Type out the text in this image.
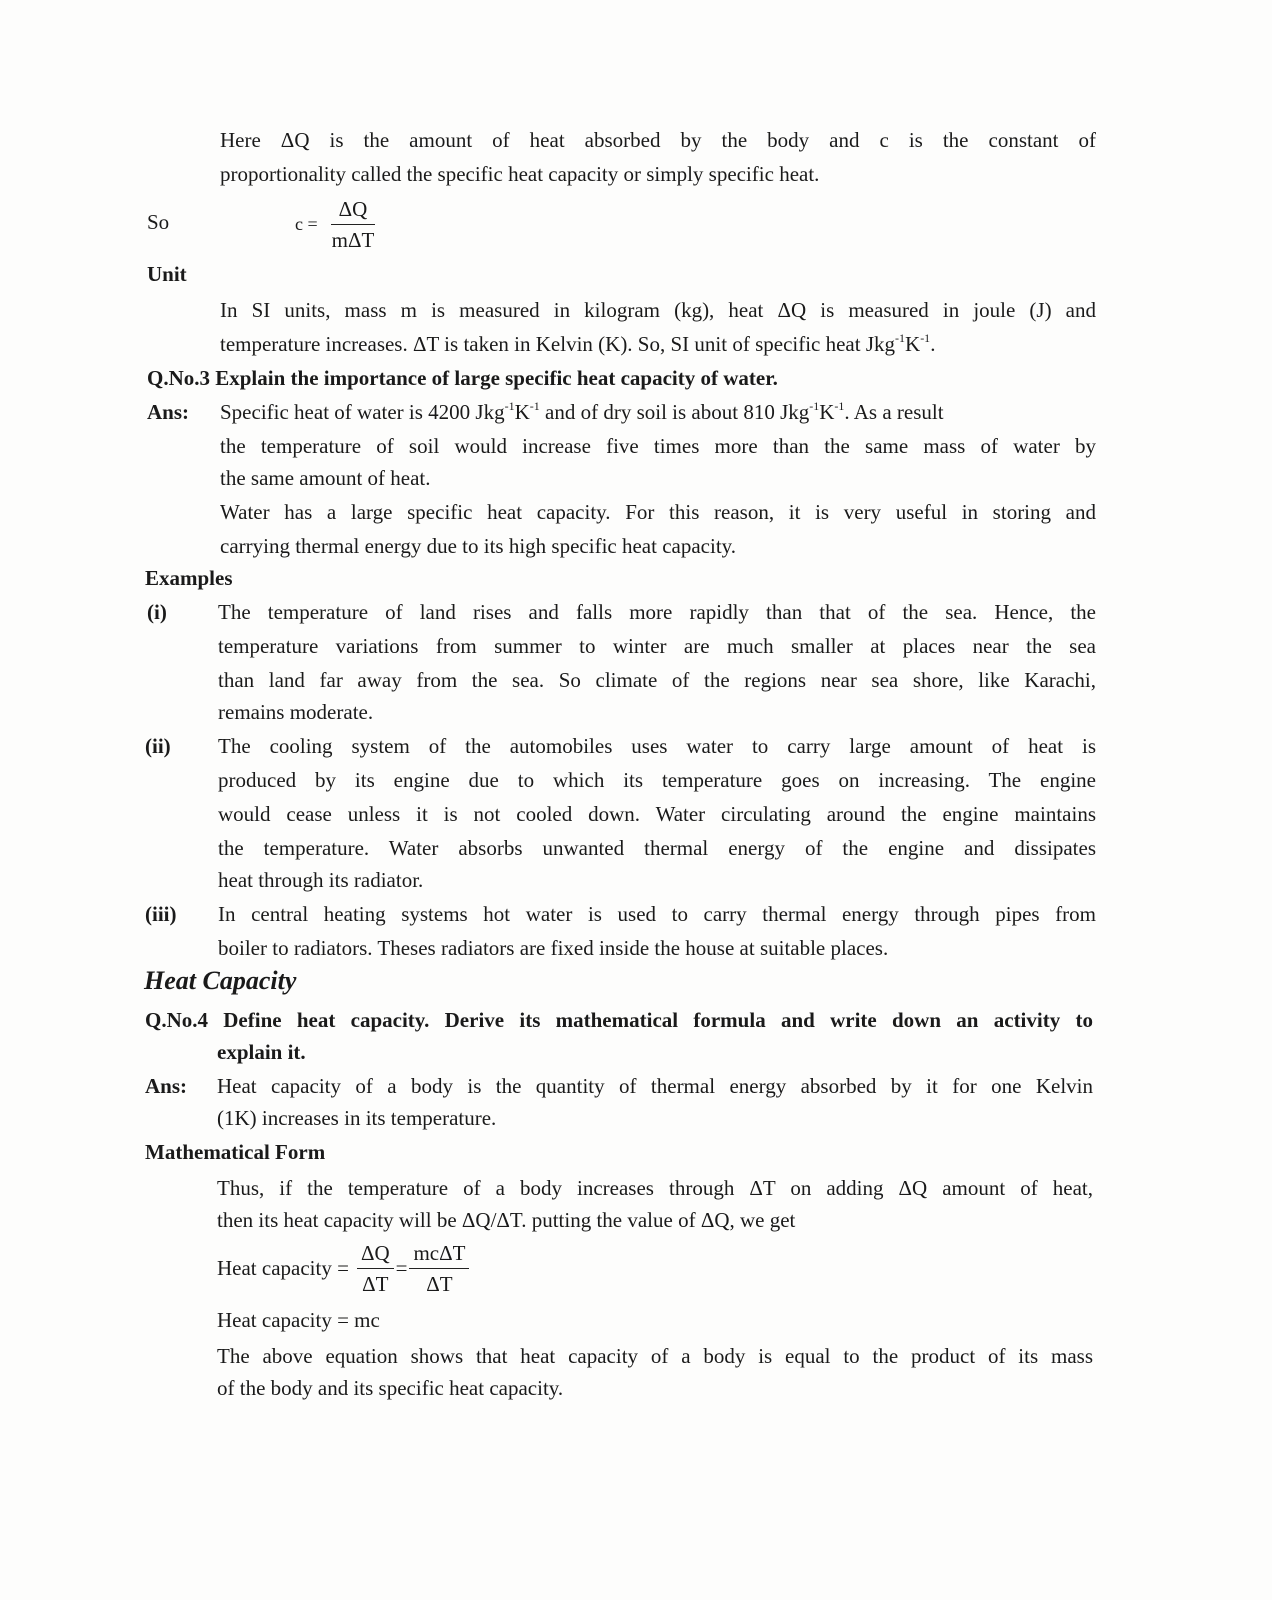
Here ΔQ is the amount of heat absorbed by the body and c is the constant of
proportionality called the specific heat capacity or simply specific heat.
So	$c = \frac{\Delta Q}{\text{mΔT}}$
Unit
In SI units, mass m is measured in kilogram (kg), heat ΔQ is measured in joule (J) and
temperature increases. ΔT is taken in Kelvin (K). So, SI unit of specific heat $Jkg^{-1}K^{-1}$.
Q.No.3 Explain the importance of large specific heat capacity of water.
Ans: Specific heat of water is 4200 $Jkg^{-1}K^{-1}$ and of dry soil is about 810 $Jkg^{-1}K^{-1}$. As a result
the temperature of soil would increase five times more than the same mass of water by
the same amount of heat.
Water has a large specific heat capacity. For this reason, it is very useful in storing and
carrying thermal energy due to its high specific heat capacity.
Examples
(i) The temperature of land rises and falls more rapidly than that of the sea. Hence, the
temperature variations from summer to winter are much smaller at places near the sea
than land far away from the sea. So climate of the regions near sea shore, like Karachi,
remains moderate.
(ii) The cooling system of the automobiles uses water to carry large amount of heat is
produced by its engine due to which its temperature goes on increasing. The engine
would cease unless it is not cooled down. Water circulating around the engine maintains
the temperature. Water absorbs unwanted thermal energy of the engine and dissipates
heat through its radiator.
(iii) In central heating systems hot water is used to carry thermal energy through pipes from
boiler to radiators. Theses radiators are fixed inside the house at suitable places.
Heat Capacity
Q.No.4 Define heat capacity. Derive its mathematical formula and write down an activity to
explain it.
Ans: Heat capacity of a body is the quantity of thermal energy absorbed by it for one Kelvin
(1K) increases in its temperature.
Mathematical Form
Thus, if the temperature of a body increases through ΔT on adding ΔQ amount of heat,
then its heat capacity will be ΔQ/ΔT. putting the value of ΔQ, we get
Heat capacity = $\frac{\Delta Q}{\Delta T} = \frac{\text{mcΔT}}{\Delta T}$
Heat capacity = mc
The above equation shows that heat capacity of a body is equal to the product of its mass
of the body and its specific heat capacity.
